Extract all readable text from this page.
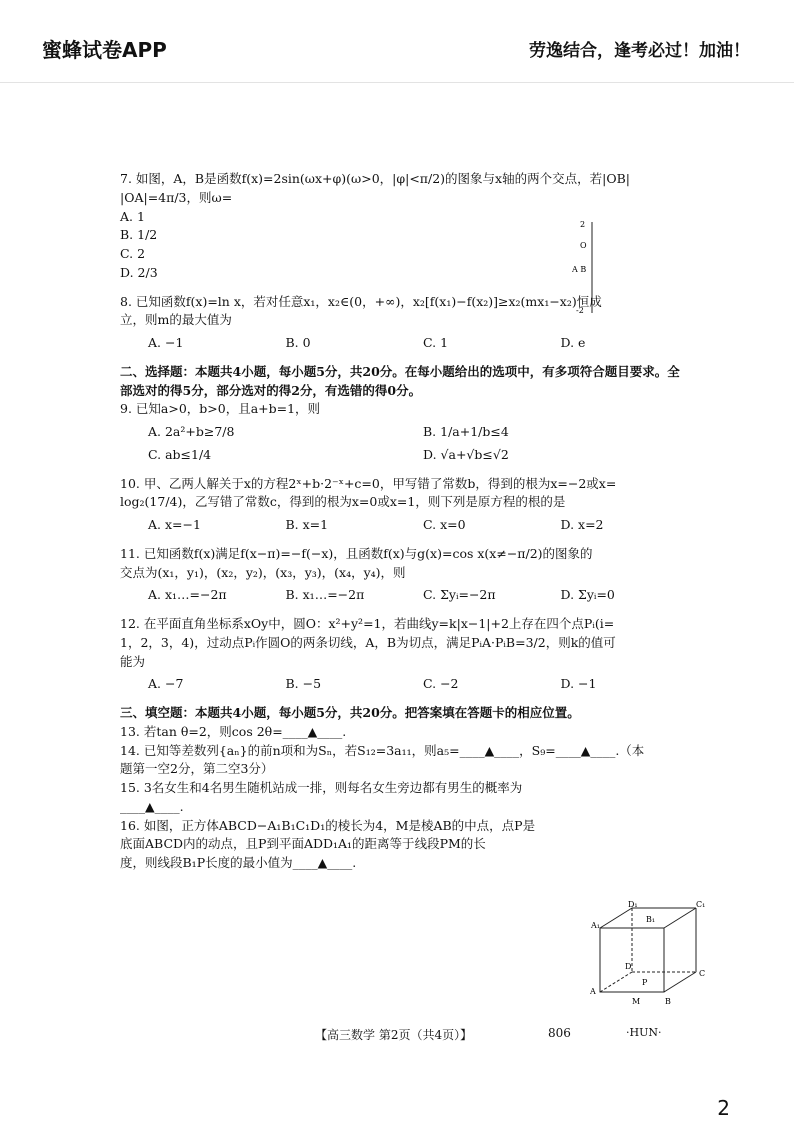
蜜蜂试卷APP	劳逸结合，逢考必过！加油！

7. 如图，A，B是函数f(x)=2sin(ωx+φ)(ω>0，|φ|<π/2)的图象与x轴的两个交点，若|OB|

|OA|=4π/3，则ω=

A. 1

B. 1/2

C. 2

D. 2/3

2
O
A B
-2

8. 已知函数f(x)=ln x，若对任意x₁，x₂∈(0，+∞)，x₂[f(x₁)−f(x₂)]≥x₂(mx₁−x₂)恒成

立，则m的最大值为

A. −1	B. 0	C. 1	D. e

二、选择题：本题共4小题，每小题5分，共20分。在每小题给出的选项中，有多项符合题目要求。全部选对的得5分，部分选对的得2分，有选错的得0分。

9. 已知a>0，b>0，且a+b=1，则

A. 2a²+b≥7/8	B. 1/a+1/b≤4
C. ab≤1/4	D. √a+√b≤√2

10. 甲、乙两人解关于x的方程2ˣ+b·2⁻ˣ+c=0，甲写错了常数b，得到的根为x=−2或x=

log₂(17/4)，乙写错了常数c，得到的根为x=0或x=1，则下列是原方程的根的是

A. x=−1	B. x=1	C. x=0	D. x=2

11. 已知函数f(x)满足f(x−π)=−f(−x)，且函数f(x)与g(x)=cos x(x≠−π/2)的图象的

交点为(x₁，y₁)，(x₂，y₂)，(x₃，y₃)，(x₄，y₄)，则

A. x₁…=−2π	B. x₁…=−2π	C. Σyᵢ=−2π	D. Σyᵢ=0

12. 在平面直角坐标系xOy中，圆O：x²+y²=1，若曲线y=k|x−1|+2上存在四个点Pᵢ(i=

1，2，3，4)，过动点Pᵢ作圆O的两条切线，A，B为切点，满足PᵢA·PᵢB=3/2，则k的值可

能为

A. −7	B. −5	C. −2	D. −1

三、填空题：本题共4小题，每小题5分，共20分。把答案填在答题卡的相应位置。

13. 若tan θ=2，则cos 2θ=____▲____.

14. 已知等差数列{aₙ}的前n项和为Sₙ，若S₁₂=3a₁₁，则a₅=____▲____，S₉=____▲____.（本

题第一空2分，第二空3分）

15. 3名女生和4名男生随机站成一排，则每名女生旁边都有男生的概率为

____▲____.

16. 如图，正方体ABCD−A₁B₁C₁D₁的棱长为4，M是棱AB的中点，点P是

底面ABCD内的动点，且P到平面ADD₁A₁的距离等于线段PM的长

度，则线段B₁P长度的最小值为____▲____.

D₁	C₁
B₁
A₁
D
P
A
M	B
C
【高三数学 第2页（共4页）】	806	·HUN·
2
